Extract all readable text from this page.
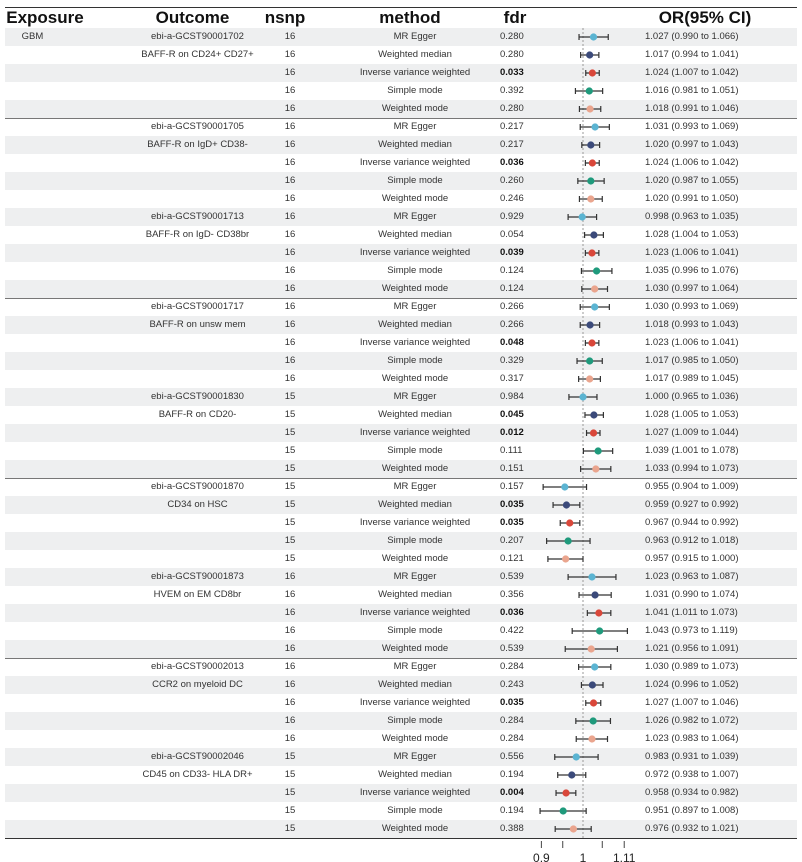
Exposure	Outcome	nsnp	method	fdr	OR(95% CI)
GBM	ebi-a-GCST90001702	16	MR Egger	0.280	1.027 (0.990 to 1.066)
BAFF-R on CD24+ CD27+	16	Weighted median	0.280	1.017 (0.994 to 1.041)
16	Inverse variance weighted	0.033	1.024 (1.007 to 1.042)
16	Simple mode	0.392	1.016 (0.981 to 1.051)
16	Weighted mode	0.280	1.018 (0.991 to 1.046)
ebi-a-GCST90001705	16	MR Egger	0.217	1.031 (0.993 to 1.069)
BAFF-R on IgD+ CD38-	16	Weighted median	0.217	1.020 (0.997 to 1.043)
16	Inverse variance weighted	0.036	1.024 (1.006 to 1.042)
16	Simple mode	0.260	1.020 (0.987 to 1.055)
16	Weighted mode	0.246	1.020 (0.991 to 1.050)
ebi-a-GCST90001713	16	MR Egger	0.929	0.998 (0.963 to 1.035)
BAFF-R on IgD- CD38br	16	Weighted median	0.054	1.028 (1.004 to 1.053)
16	Inverse variance weighted	0.039	1.023 (1.006 to 1.041)
16	Simple mode	0.124	1.035 (0.996 to 1.076)
16	Weighted mode	0.124	1.030 (0.997 to 1.064)
ebi-a-GCST90001717	16	MR Egger	0.266	1.030 (0.993 to 1.069)
BAFF-R on unsw mem	16	Weighted median	0.266	1.018 (0.993 to 1.043)
16	Inverse variance weighted	0.048	1.023 (1.006 to 1.041)
16	Simple mode	0.329	1.017 (0.985 to 1.050)
16	Weighted mode	0.317	1.017 (0.989 to 1.045)
ebi-a-GCST90001830	15	MR Egger	0.984	1.000 (0.965 to 1.036)
BAFF-R on CD20-	15	Weighted median	0.045	1.028 (1.005 to 1.053)
15	Inverse variance weighted	0.012	1.027 (1.009 to 1.044)
15	Simple mode	0.111	1.039 (1.001 to 1.078)
15	Weighted mode	0.151	1.033 (0.994 to 1.073)
ebi-a-GCST90001870	15	MR Egger	0.157	0.955 (0.904 to 1.009)
CD34 on HSC	15	Weighted median	0.035	0.959 (0.927 to 0.992)
15	Inverse variance weighted	0.035	0.967 (0.944 to 0.992)
15	Simple mode	0.207	0.963 (0.912 to 1.018)
15	Weighted mode	0.121	0.957 (0.915 to 1.000)
ebi-a-GCST90001873	16	MR Egger	0.539	1.023 (0.963 to 1.087)
HVEM on EM CD8br	16	Weighted median	0.356	1.031 (0.990 to 1.074)
16	Inverse variance weighted	0.036	1.041 (1.011 to 1.073)
16	Simple mode	0.422	1.043 (0.973 to 1.119)
16	Weighted mode	0.539	1.021 (0.956 to 1.091)
ebi-a-GCST90002013	16	MR Egger	0.284	1.030 (0.989 to 1.073)
CCR2 on myeloid DC	16	Weighted median	0.243	1.024 (0.996 to 1.052)
16	Inverse variance weighted	0.035	1.027 (1.007 to 1.046)
16	Simple mode	0.284	1.026 (0.982 to 1.072)
16	Weighted mode	0.284	1.023 (0.983 to 1.064)
ebi-a-GCST90002046	15	MR Egger	0.556	0.983 (0.931 to 1.039)
CD45 on CD33- HLA DR+	15	Weighted median	0.194	0.972 (0.938 to 1.007)
15	Inverse variance weighted	0.004	0.958 (0.934 to 0.982)
15	Simple mode	0.194	0.951 (0.897 to 1.008)
15	Weighted mode	0.388	0.976 (0.932 to 1.021)
0.9 1 1.11
